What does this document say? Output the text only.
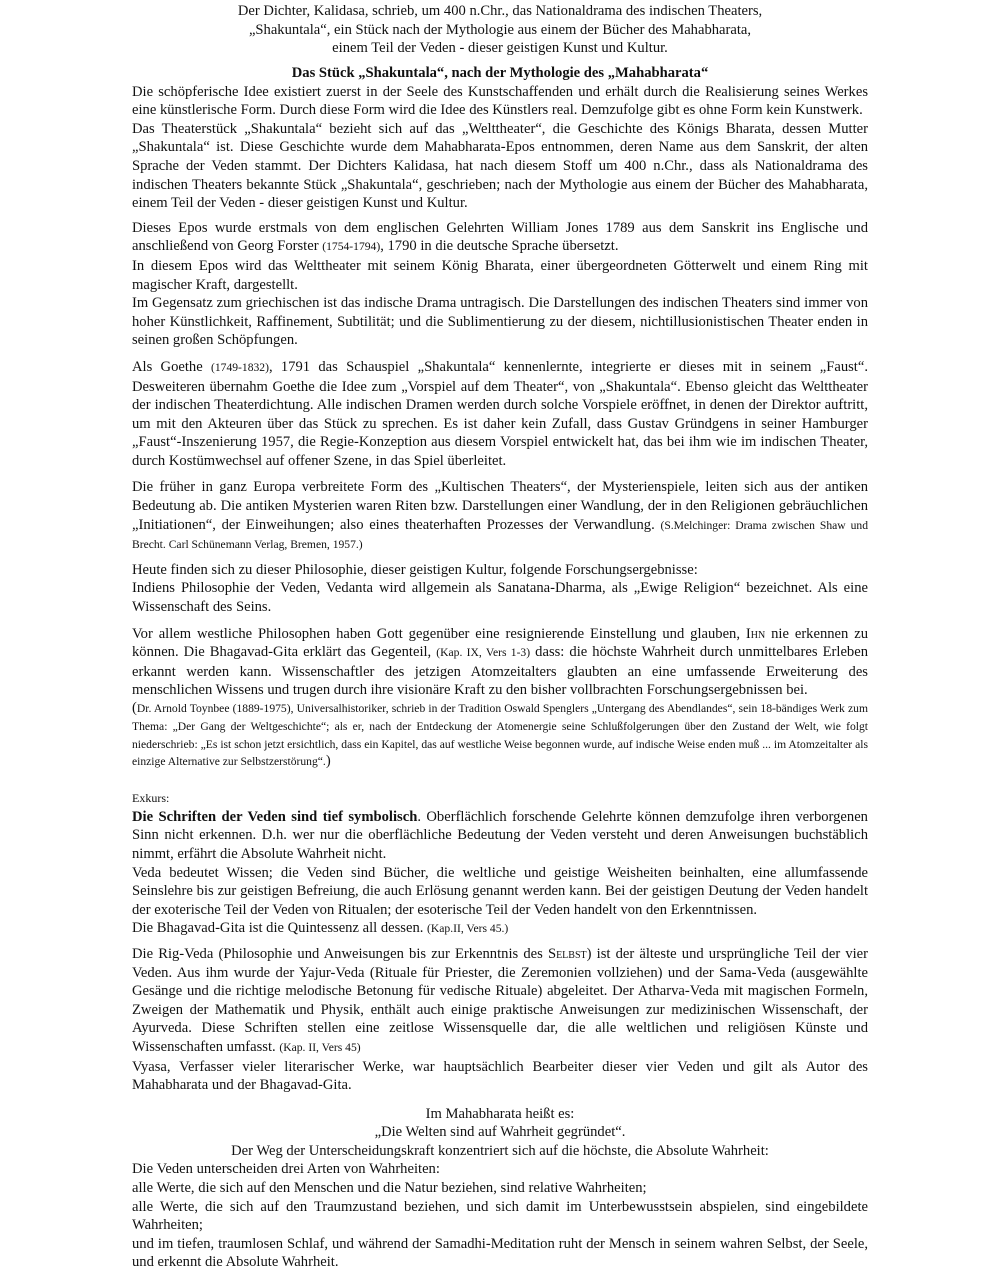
Der Dichter, Kalidasa, schrieb, um 400 n.Chr., das Nationaldrama des indischen Theaters,

„Shakuntala“, ein Stück nach der Mythologie aus einem der Bücher des Mahabharata,

einem Teil der Veden - dieser geistigen Kunst und Kultur.

Das Stück „Shakuntala“, nach der Mythologie des „Mahabharata“

Die schöpferische Idee existiert zuerst in der Seele des Kunstschaffenden und erhält durch die Realisierung seines Werkes eine künstlerische Form. Durch diese Form wird die Idee des Künstlers real. Demzufolge gibt es ohne Form kein Kunstwerk.

Das Theaterstück „Shakuntala“ bezieht sich auf das „Welttheater“, die Geschichte des Königs Bharata, dessen Mutter „Shakuntala“ ist. Diese Geschichte wurde dem Mahabharata-Epos entnommen, deren Name aus dem Sanskrit, der alten Sprache der Veden stammt. Der Dichters Kalidasa, hat nach diesem Stoff um 400 n.Chr., dass als Nationaldrama des indischen Theaters bekannte Stück „Shakuntala“, geschrieben; nach der Mythologie aus einem der Bücher des Mahabharata, einem Teil der Veden - dieser geistigen Kunst und Kultur.

Dieses Epos wurde erstmals von dem englischen Gelehrten William Jones 1789 aus dem Sanskrit ins Englische und anschließend von Georg Forster (1754-1794), 1790 in die deutsche Sprache übersetzt.

In diesem Epos wird das Welttheater mit seinem König Bharata, einer übergeordneten Götterwelt und einem Ring mit magischer Kraft, dargestellt.

Im Gegensatz zum griechischen ist das indische Drama untragisch. Die Darstellungen des indischen Theaters sind immer von hoher Künstlichkeit, Raffinement, Subtilität; und die Sublimentierung zu der diesem, nichtillusionistischen Theater enden in seinen großen Schöpfungen.

Als Goethe (1749-1832), 1791 das Schauspiel „Shakuntala“ kennenlernte, integrierte er dieses mit in seinem „Faust“. Desweiteren übernahm Goethe die Idee zum „Vorspiel auf dem Theater“, von „Shakuntala“. Ebenso gleicht das Welttheater der indischen Theaterdichtung. Alle indischen Dramen werden durch solche Vorspiele eröffnet, in denen der Direktor auftritt, um mit den Akteuren über das Stück zu sprechen. Es ist daher kein Zufall, dass Gustav Gründgens in seiner Hamburger „Faust“-Inszenierung 1957, die Regie-Konzeption aus diesem Vorspiel entwickelt hat, das bei ihm wie im indischen Theater, durch Kostümwechsel auf offener Szene, in das Spiel überleitet.

Die früher in ganz Europa verbreitete Form des „Kultischen Theaters“, der Mysterienspiele, leiten sich aus der antiken Bedeutung ab. Die antiken Mysterien waren Riten bzw. Darstellungen einer Wandlung, der in den Religionen gebräuchlichen „Initiationen“, der Einweihungen; also eines theaterhaften Prozesses der Verwandlung. (S.Melchinger: Drama zwischen Shaw und Brecht. Carl Schünemann Verlag, Bremen, 1957.)

Heute finden sich zu dieser Philosophie, dieser geistigen Kultur, folgende Forschungsergebnisse:

Indiens Philosophie der Veden, Vedanta wird allgemein als Sanatana-Dharma, als „Ewige Religion“ bezeichnet. Als eine Wissenschaft des Seins.

Vor allem westliche Philosophen haben Gott gegenüber eine resignierende Einstellung und glauben, Ihn nie erkennen zu können. Die Bhagavad-Gita erklärt das Gegenteil, (Kap. IX, Vers 1-3) dass: die höchste Wahrheit durch unmittelbares Erleben erkannt werden kann. Wissenschaftler des jetzigen Atomzeitalters glaubten an eine umfassende Erweiterung des menschlichen Wissens und trugen durch ihre visionäre Kraft zu den bisher vollbrachten Forschungsergebnissen bei.

(Dr. Arnold Toynbee (1889-1975), Universalhistoriker, schrieb in der Tradition Oswald Spenglers „Untergang des Abendlandes“, sein 18-bändiges Werk zum Thema: „Der Gang der Weltgeschichte“; als er, nach der Entdeckung der Atomenergie seine Schlußfolgerungen über den Zustand der Welt, wie folgt niederschrieb: „Es ist schon jetzt ersichtlich, dass ein Kapitel, das auf westliche Weise begonnen wurde, auf indische Weise enden muß ... im Atomzeitalter als einzige Alternative zur Selbstzerstörung“.)

Exkurs:

Die Schriften der Veden sind tief symbolisch. Oberflächlich forschende Gelehrte können demzufolge ihren verborgenen Sinn nicht erkennen. D.h. wer nur die oberflächliche Bedeutung der Veden versteht und deren Anweisungen buchstäblich nimmt, erfährt die Absolute Wahrheit nicht.

Veda bedeutet Wissen; die Veden sind Bücher, die weltliche und geistige Weisheiten beinhalten, eine allumfassende Seinslehre bis zur geistigen Befreiung, die auch Erlösung genannt werden kann. Bei der geistigen Deutung der Veden handelt der exoterische Teil der Veden von Ritualen; der esoterische Teil der Veden handelt von den Erkenntnissen.

Die Bhagavad-Gita ist die Quintessenz all dessen. (Kap.II, Vers 45.)

Die Rig-Veda (Philosophie und Anweisungen bis zur Erkenntnis des Selbst) ist der älteste und ursprüngliche Teil der vier Veden. Aus ihm wurde der Yajur-Veda (Rituale für Priester, die Zeremonien vollziehen) und der Sama-Veda (ausgewählte Gesänge und die richtige melodische Betonung für vedische Rituale) abgeleitet. Der Atharva-Veda mit magischen Formeln, Zweigen der Mathematik und Physik, enthält auch einige praktische Anweisungen zur medizinischen Wissenschaft, der Ayurveda. Diese Schriften stellen eine zeitlose Wissensquelle dar, die alle weltlichen und religiösen Künste und Wissenschaften umfasst. (Kap. II, Vers 45)

Vyasa, Verfasser vieler literarischer Werke, war hauptsächlich Bearbeiter dieser vier Veden und gilt als Autor des Mahabharata und der Bhagavad-Gita.

Im Mahabharata heißt es:

„Die Welten sind auf Wahrheit gegründet“.

Der Weg der Unterscheidungskraft konzentriert sich auf die höchste, die Absolute Wahrheit:

Die Veden unterscheiden drei Arten von Wahrheiten:

alle Werte, die sich auf den Menschen und die Natur beziehen, sind relative Wahrheiten;

alle Werte, die sich auf den Traumzustand beziehen, und sich damit im Unterbewusstsein abspielen, sind eingebildete Wahrheiten;

und im tiefen, traumlosen Schlaf, und während der Samadhi-Meditation ruht der Mensch in seinem wahren Selbst, der Seele, und erkennt die Absolute Wahrheit.
